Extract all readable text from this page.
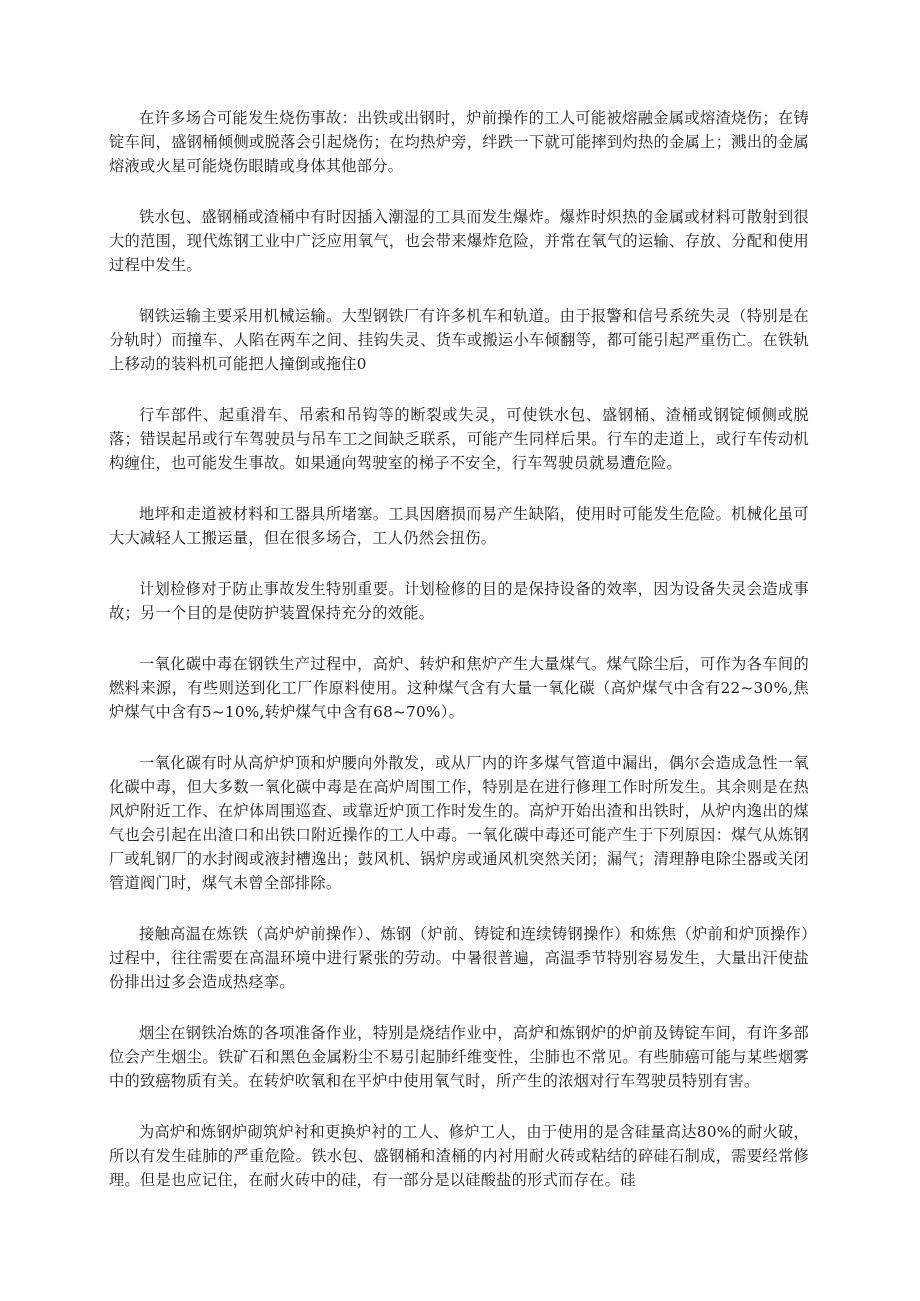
在许多场合可能发生烧伤事故：出铁或出钢时，炉前操作的工人可能被熔融金属或熔渣烧伤；在铸锭车间，盛钢桶倾侧或脱落会引起烧伤；在均热炉旁，绊跌一下就可能摔到灼热的金属上；溅出的金属熔液或火星可能烧伤眼睛或身体其他部分。

铁水包、盛钢桶或渣桶中有时因插入潮湿的工具而发生爆炸。爆炸时炽热的金属或材料可散射到很大的范围，现代炼钢工业中广泛应用氧气，也会带来爆炸危险，并常在氧气的运输、存放、分配和使用过程中发生。

钢铁运输主要采用机械运输。大型钢铁厂有许多机车和轨道。由于报警和信号系统失灵（特别是在分轨时）而撞车、人陷在两车之间、挂钩失灵、货车或搬运小车倾翻等，都可能引起严重伤亡。在铁轨上移动的装料机可能把人撞倒或拖住0

行车部件、起重滑车、吊索和吊钩等的断裂或失灵，可使铁水包、盛钢桶、渣桶或钢锭倾侧或脱落；错误起吊或行车驾驶员与吊车工之间缺乏联系，可能产生同样后果。行车的走道上，或行车传动机构缠住，也可能发生事故。如果通向驾驶室的梯子不安全，行车驾驶员就易遭危险。

地坪和走道被材料和工器具所堵塞。工具因磨损而易产生缺陷，使用时可能发生危险。机械化虽可大大减轻人工搬运量，但在很多场合，工人仍然会扭伤。

计划检修对于防止事故发生特别重要。计划检修的目的是保持设备的效率，因为设备失灵会造成事故；另一个目的是使防护装置保持充分的效能。

一氧化碳中毒在钢铁生产过程中，高炉、转炉和焦炉产生大量煤气。煤气除尘后，可作为各车间的燃料来源，有些则送到化工厂作原料使用。这种煤气含有大量一氧化碳（高炉煤气中含有22~30%,焦炉煤气中含有5~10%,转炉煤气中含有68~70%）。

一氧化碳有时从高炉炉顶和炉腰向外散发，或从厂内的许多煤气管道中漏出，偶尔会造成急性一氧化碳中毒，但大多数一氧化碳中毒是在高炉周围工作，特别是在进行修理工作时所发生。其余则是在热风炉附近工作、在炉体周围巡查、或靠近炉顶工作时发生的。高炉开始出渣和出铁时，从炉内逸出的煤气也会引起在出渣口和出铁口附近操作的工人中毒。一氧化碳中毒还可能产生于下列原因：煤气从炼钢厂或轧钢厂的水封阀或液封槽逸出；鼓风机、锅炉房或通风机突然关闭；漏气；清理静电除尘器或关闭管道阀门时，煤气未曾全部排除。

接触高温在炼铁（高炉炉前操作）、炼钢（炉前、铸锭和连续铸钢操作）和炼焦（炉前和炉顶操作）过程中，往往需要在高温环境中进行紧张的劳动。中暑很普遍，高温季节特别容易发生，大量出汗使盐份排出过多会造成热痉挛。

烟尘在钢铁冶炼的各项准备作业，特别是烧结作业中，高炉和炼钢炉的炉前及铸锭车间，有许多部位会产生烟尘。铁矿石和黑色金属粉尘不易引起肺纤维变性，尘肺也不常见。有些肺癌可能与某些烟雾中的致癌物质有关。在转炉吹氧和在平炉中使用氧气时，所产生的浓烟对行车驾驶员特别有害。

为高炉和炼钢炉砌筑炉衬和更换炉衬的工人、修炉工人，由于使用的是含硅量高达80%的耐火破，所以有发生硅肺的严重危险。铁水包、盛钢桶和渣桶的内衬用耐火砖或粘结的碎硅石制成，需要经常修理。但是也应记住，在耐火砖中的硅，有一部分是以硅酸盐的形式而存在。硅
